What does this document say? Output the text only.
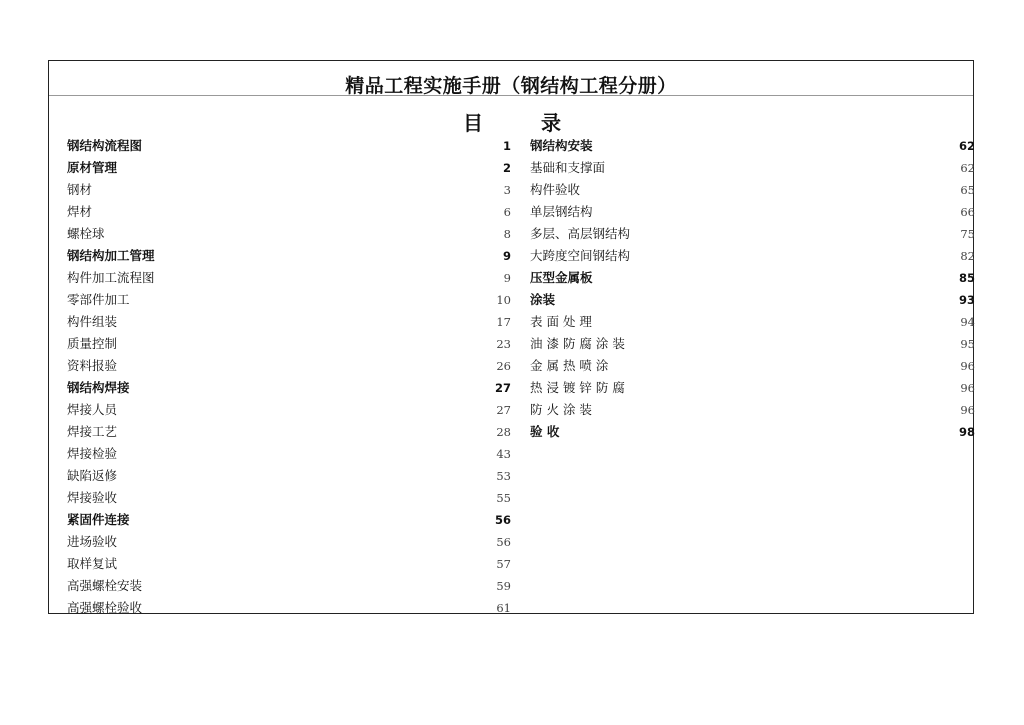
精品工程实施手册（钢结构工程分册）
目	录
钢结构流程图	1
原材管理	2
钢材	3
焊材	6
螺栓球	8
钢结构加工管理	9
构件加工流程图	9
零部件加工	10
构件组装	17
质量控制	23
资料报验	26
钢结构焊接	27
焊接人员	27
焊接工艺	28
焊接检验	43
缺陷返修	53
焊接验收	55
紧固件连接	56
进场验收	56
取样复试	57
高强螺栓安装	59
高强螺栓验收	61
钢结构安装	62
基础和支撑面	62
构件验收	65
单层钢结构	66
多层、高层钢结构	75
大跨度空间钢结构	82
压型金属板	85
涂装	93
表 面 处 理	94
油 漆 防 腐 涂 装	95
金 属 热 喷 涂	96
热 浸 镀 锌 防 腐	96
防 火 涂 装	96
验 收	98
